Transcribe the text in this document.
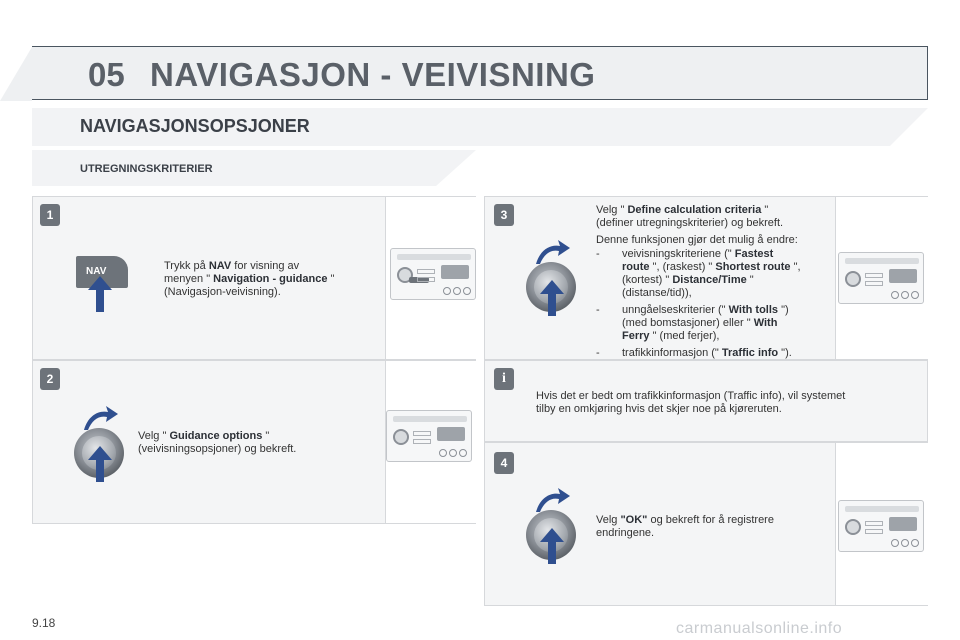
05 NAVIGASJON - VEIVISNING
NAVIGASJONSOPSJONER
UTREGNINGSKRITERIER
1
NAV	Trykk på NAV for visning av
menyen " Navigation - guidance "
(Navigasjon-veivisning).
2
Velg " Guidance options "
(veivisningsopsjoner) og bekreft.
3	Velg " Define calculation criteria "
(definer utregningskriterier) og bekreft.
Denne funksjonen gjør det mulig å endre:
- veivisningskriteriene (" Fastest
route ", (raskest) " Shortest route ",
(kortest) " Distance/Time "
(distanse/tid)),
- unngåelseskriterier (" With tolls ")
(med bomstasjoner) eller " With
Ferry " (med ferjer),
- trafikkinformasjon (" Traffic info ").
i
Hvis det er bedt om trafikkinformasjon (Traffic info), vil systemet
tilby en omkjøring hvis det skjer noe på kjøreruten.
4
Velg "OK" og bekreft for å registrere
endringene.
9.18	carmanualsonline.info
